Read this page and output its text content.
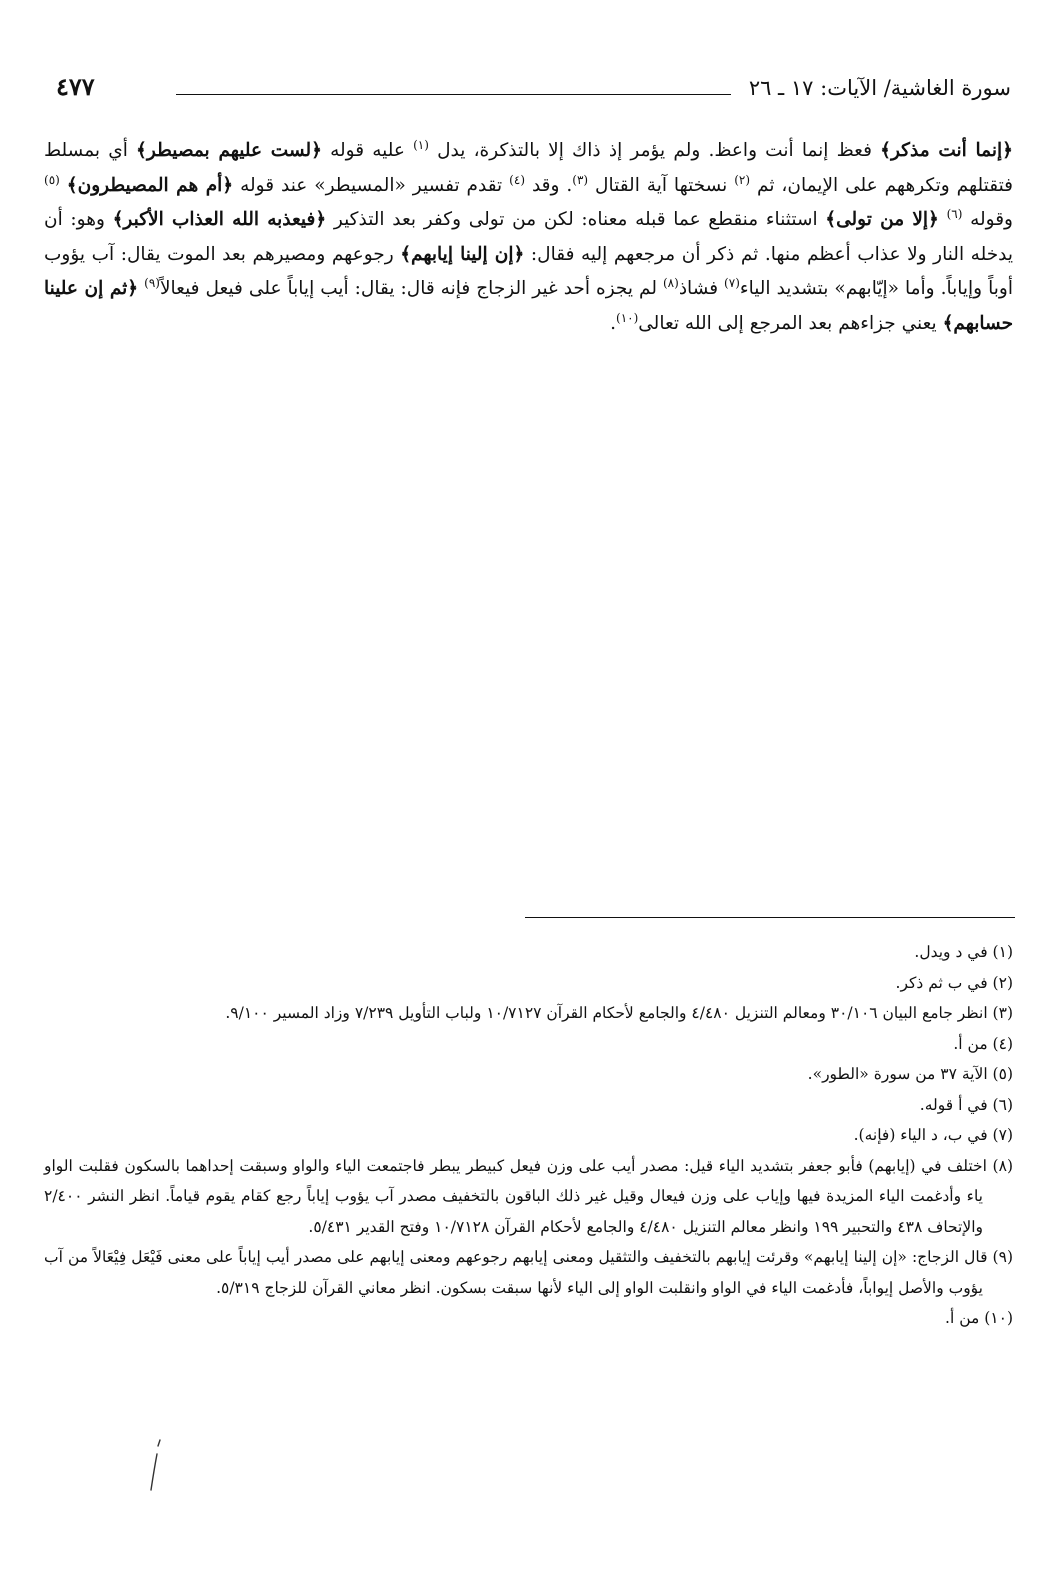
سورة الغاشية/ الآيات: ١٧ ـ ٢٦
٤٧٧

﴿إنما أنت مذكر﴾ فعظ إنما أنت واعظ. ولم يؤمر إذ ذاك إلا بالتذكرة، يدل $^{(١)}$ عليه قوله ﴿لست عليهم بمصيطر﴾ أي بمسلط فتقتلهم وتكرههم على الإيمان، ثم $^{(٢)}$ نسختها آية القتال $^{(٣)}$. وقد $^{(٤)}$ تقدم تفسير «المسيطر» عند قوله ﴿أم هم المصيطرون﴾ $^{(٥)}$ وقوله $^{(٦)}$ ﴿إلا من تولى﴾ استثناء منقطع عما قبله معناه: لكن من تولى وكفر بعد التذكير ﴿فيعذبه الله العذاب الأكبر﴾ وهو: أن يدخله النار ولا عذاب أعظم منها. ثم ذكر أن مرجعهم إليه فقال: ﴿إن إلينا إيابهم﴾ رجوعهم ومصيرهم بعد الموت يقال: آب يؤوب أوباً وإياباً. وأما «إيّابهم» بتشديد الياء$^{(٧)}$ فشاذ$^{(٨)}$ لم يجزه أحد غير الزجاج فإنه قال: يقال: أيب إياباً على فيعل فيعالاً$^{(٩)}$ ﴿ثم إن علينا حسابهم﴾ يعني جزاءهم بعد المرجع إلى الله تعالى$^{(١٠)}$.

(١) في د ويدل.

(٢) في ب ثم ذكر.

(٣) انظر جامع البيان ٣٠/١٠٦ ومعالم التنزيل ٤/٤٨٠ والجامع لأحكام القرآن ١٠/٧١٢٧ ولباب التأويل ٧/٢٣٩ وزاد المسير ٩/١٠٠.

(٤) من أ.

(٥) الآية ٣٧ من سورة «الطور».

(٦) في أ قوله.

(٧) في ب، د الياء (فإنه).

(٨) اختلف في (إيابهم) فأبو جعفر بتشديد الياء قيل: مصدر أيب على وزن فيعل كبيطر يبطر فاجتمعت الياء والواو وسبقت إحداهما بالسكون فقلبت الواو ياء وأدغمت الياء المزيدة فيها وإياب على وزن فيعال وقيل غير ذلك الباقون بالتخفيف مصدر آب يؤوب إياباً رجع كقام يقوم قياماً. انظر النشر ٢/٤٠٠ والإتحاف ٤٣٨ والتحبير ١٩٩ وانظر معالم التنزيل ٤/٤٨٠ والجامع لأحكام القرآن ١٠/٧١٢٨ وفتح القدير ٥/٤٣١.

(٩) قال الزجاج: «إن إلينا إيابهم» وقرئت إيابهم بالتخفيف والتثقيل ومعنى إيابهم رجوعهم ومعنى إيابهم على مصدر أيب إياباً على معنى فَيْعَل فِيْعَالاً من آب يؤوب والأصل إيواباً، فأدغمت الياء في الواو وانقلبت الواو إلى الياء لأنها سبقت بسكون. انظر معاني القرآن للزجاج ٥/٣١٩.

(١٠) من أ.
